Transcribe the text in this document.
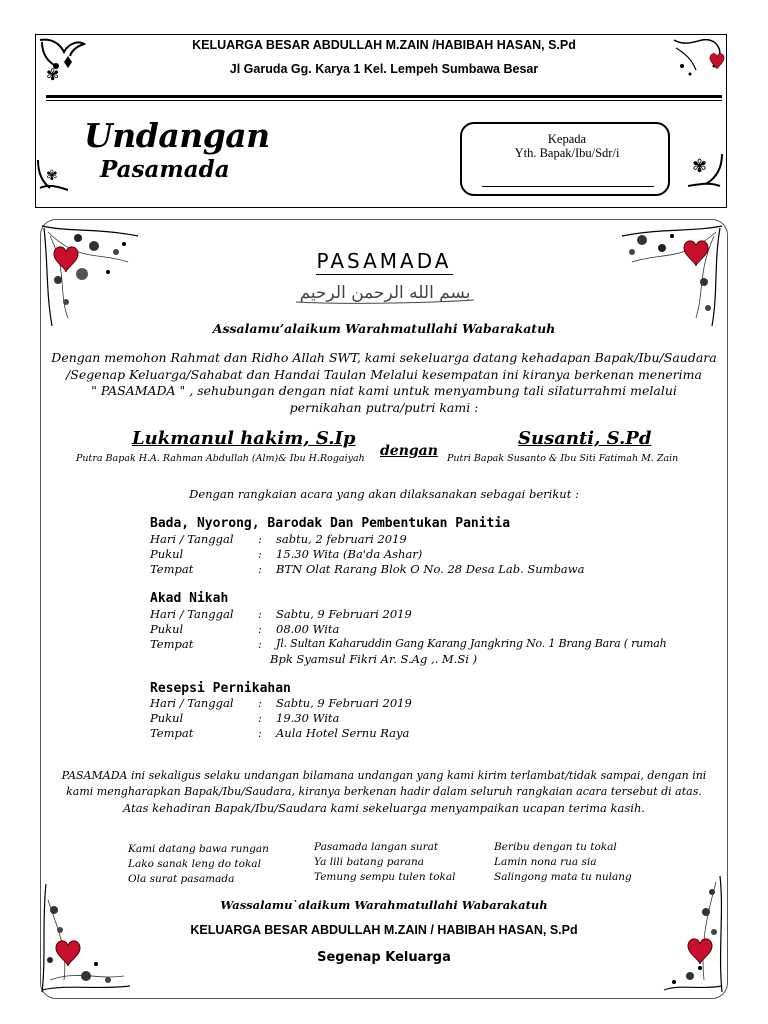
KELUARGA BESAR ABDULLAH M.ZAIN /HABIBAH HASAN, S.Pd
Jl Garuda Gg. Karya 1 Kel. Lempeh Sumbawa Besar
Undangan
Pasamada
Kepada
Yth. Bapak/Ibu/Sdr/i
✾
✾	✾
PASAMADA
بسم الله الرحمن الرحيم
Assalamu’alaikum Warahmatullahi Wabarakatuh
Dengan memohon Rahmat dan Ridho Allah SWT, kami sekeluarga datang kehadapan Bapak/Ibu/Saudara
/Segenap Keluarga/Sahabat dan Handai Taulan Melalui kesempatan ini kiranya berkenan menerima
" PASAMADA " , sehubungan dengan niat kami untuk menyambung tali silaturrahmi melalui
pernikahan putra/putri kami :
Lukmanul hakim, S.Ip
Putra Bapak H.A. Rahman Abdullah (Alm)& Ibu H.Rogaiyah dengan
Susanti, S.Pd
Putri Bapak Susanto & Ibu Siti Fatimah M. Zain
Dengan rangkaian acara yang akan dilaksanakan sebagai berikut :
Bada, Nyorong, Barodak Dan Pembentukan Panitia
Hari / Tanggal : sabtu, 2 februari 2019
Pukul	: 15.30 Wita (Ba'da Ashar)
Tempat	: BTN Olat Rarang Blok O No. 28 Desa Lab. Sumbawa
Akad Nikah
Hari / Tanggal : Sabtu, 9 Februari 2019
Pukul	: 08.00 Wita
Tempat	: Jl. Sultan Kaharuddin Gang Karang Jangkring No. 1 Brang Bara ( rumah
Bpk Syamsul Fikri Ar. S.Ag ,. M.Si )
Resepsi Pernikahan
Hari / Tanggal : Sabtu, 9 Februari 2019
Pukul	: 19.30 Wita
Tempat	: Aula Hotel Sernu Raya
PASAMADA ini sekaligus selaku undangan bilamana undangan yang kami kirim terlambat/tidak sampai, dengan ini
kami mengharapkan Bapak/Ibu/Saudara, kiranya berkenan hadir dalam seluruh rangkaian acara tersebut di atas.
Atas kehadiran Bapak/Ibu/Saudara kami sekeluarga menyampaikan ucapan terima kasih.
Kami datang bawa rungan
Lako sanak leng do tokal
Ola surat pasamada
Pasamada langan surat
Ya lili batang parana
Temung sempu tulen tokal
Beribu dengan tu tokal
Lamin nona rua sia
Salingong mata tu nulang
Wassalamu`alaikum Warahmatullahi Wabarakatuh
KELUARGA BESAR ABDULLAH M.ZAIN / HABIBAH HASAN, S.Pd
Segenap Keluarga
